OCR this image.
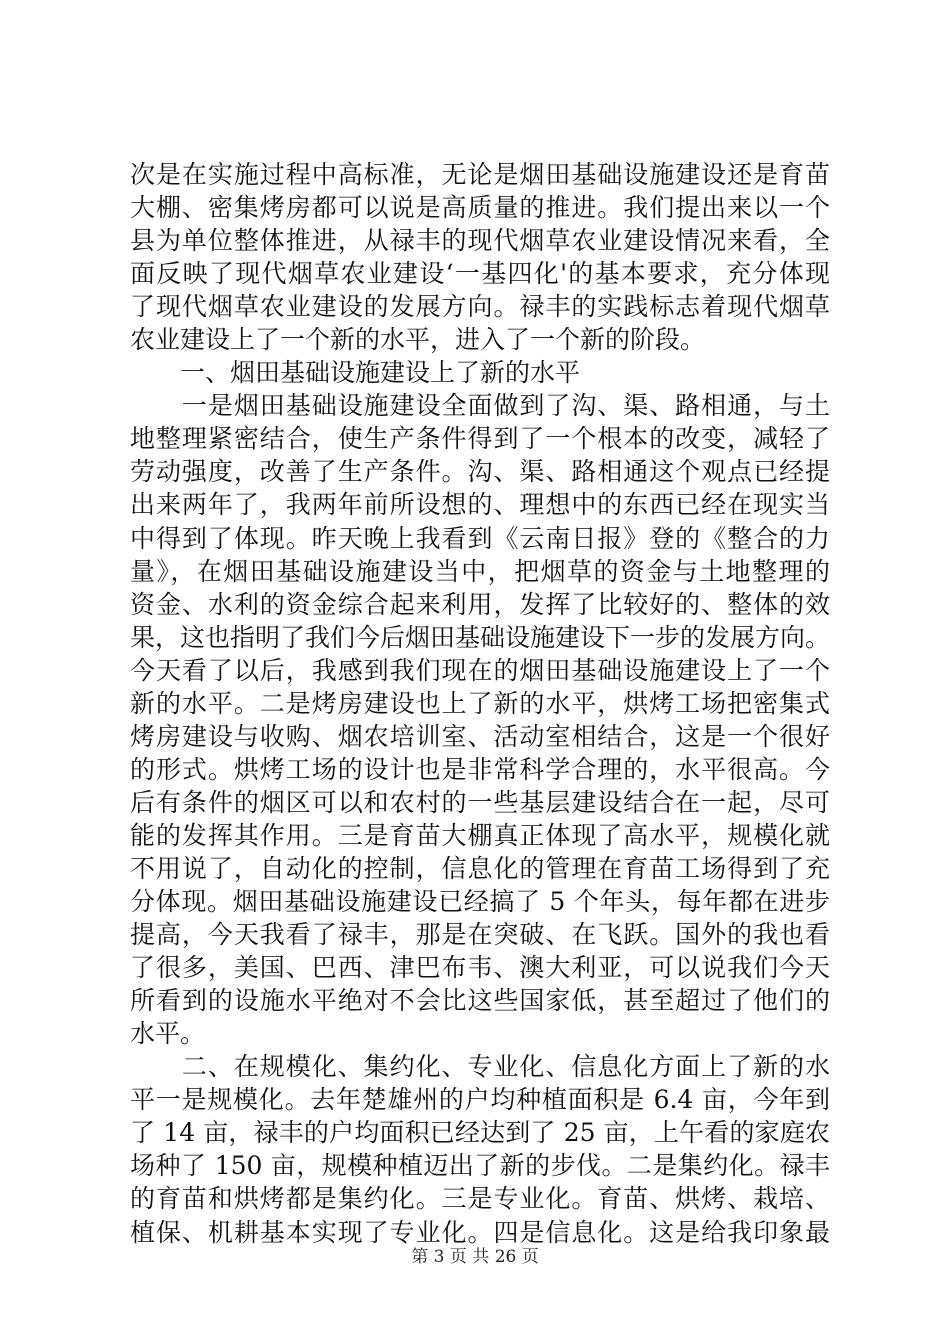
次是在实施过程中高标准，无论是烟田基础设施建设还是育苗
大棚、密集烤房都可以说是高质量的推进。我们提出来以一个
县为单位整体推进，从禄丰的现代烟草农业建设情况来看，全
面反映了现代烟草农业建设‘一基四化'的基本要求，充分体现
了现代烟草农业建设的发展方向。禄丰的实践标志着现代烟草
农业建设上了一个新的水平，进入了一个新的阶段。
　　一、烟田基础设施建设上了新的水平
　　一是烟田基础设施建设全面做到了沟、渠、路相通，与土
地整理紧密结合，使生产条件得到了一个根本的改变，减轻了
劳动强度，改善了生产条件。沟、渠、路相通这个观点已经提
出来两年了，我两年前所设想的、理想中的东西已经在现实当
中得到了体现。昨天晚上我看到《云南日报》登的《整合的力
量》，在烟田基础设施建设当中，把烟草的资金与土地整理的
资金、水利的资金综合起来利用，发挥了比较好的、整体的效
果，这也指明了我们今后烟田基础设施建设下一步的发展方向。
今天看了以后，我感到我们现在的烟田基础设施建设上了一个
新的水平。二是烤房建设也上了新的水平，烘烤工场把密集式
烤房建设与收购、烟农培训室、活动室相结合，这是一个很好
的形式。烘烤工场的设计也是非常科学合理的，水平很高。今
后有条件的烟区可以和农村的一些基层建设结合在一起，尽可
能的发挥其作用。三是育苗大棚真正体现了高水平，规模化就
不用说了，自动化的控制，信息化的管理在育苗工场得到了充
分体现。烟田基础设施建设已经搞了 5 个年头，每年都在进步
提高，今天我看了禄丰，那是在突破、在飞跃。国外的我也看
了很多，美国、巴西、津巴布韦、澳大利亚，可以说我们今天
所看到的设施水平绝对不会比这些国家低，甚至超过了他们的
水平。
　　二、在规模化、集约化、专业化、信息化方面上了新的水
平一是规模化。去年楚雄州的户均种植面积是 6.4 亩，今年到
了 14 亩，禄丰的户均面积已经达到了 25 亩，上午看的家庭农
场种了 150 亩，规模种植迈出了新的步伐。二是集约化。禄丰
的育苗和烘烤都是集约化。三是专业化。育苗、烘烤、栽培、
植保、机耕基本实现了专业化。四是信息化。这是给我印象最
第 3 页 共 26 页
